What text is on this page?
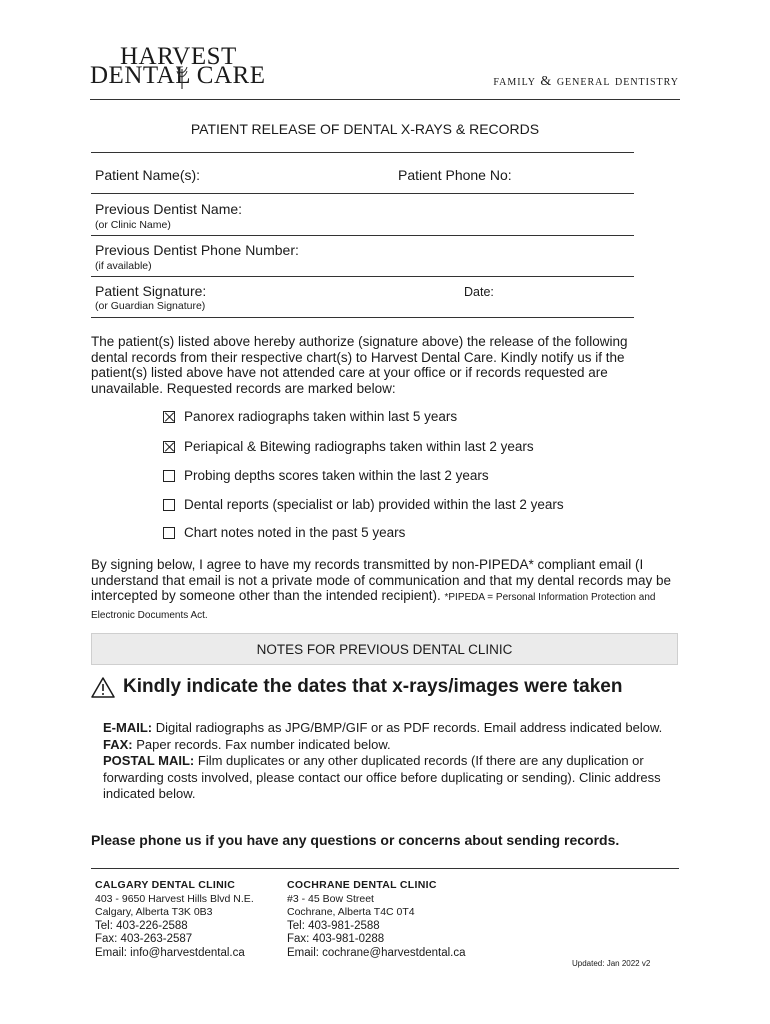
HARVEST
DENTAL CARE	family & general dentistry
PATIENT RELEASE OF DENTAL X-RAYS & RECORDS
Patient Name(s):	Patient Phone No:
Previous Dentist Name:
(or Clinic Name)
Previous Dentist Phone Number:
(if available)
Patient Signature:
(or Guardian Signature)
Date:
The patient(s) listed above hereby authorize (signature above) the release of the following dental records from their respective chart(s) to Harvest Dental Care. Kindly notify us if the patient(s) listed above have not attended care at your office or if records requested are unavailable. Requested records are marked below:
Panorex radiographs taken within last 5 years
Periapical & Bitewing radiographs taken within last 2 years
Probing depths scores taken within the last 2 years
Dental reports (specialist or lab) provided within the last 2 years
Chart notes noted in the past 5 years
By signing below, I agree to have my records transmitted by non-PIPEDA* compliant email (I understand that email is not a private mode of communication and that my dental records may be intercepted by someone other than the intended recipient). *PIPEDA = Personal Information Protection and Electronic Documents Act.
NOTES FOR PREVIOUS DENTAL CLINIC
Kindly indicate the dates that x-rays/images were taken
E-MAIL: Digital radiographs as JPG/BMP/GIF or as PDF records. Email address indicated below.
FAX: Paper records. Fax number indicated below.
POSTAL MAIL: Film duplicates or any other duplicated records (If there are any duplication or forwarding costs involved, please contact our office before duplicating or sending). Clinic address indicated below.
Please phone us if you have any questions or concerns about sending records.
CALGARY DENTAL CLINIC
403 - 9650 Harvest Hills Blvd N.E.
Calgary, Alberta T3K 0B3
Tel: 403-226-2588
Fax: 403-263-2587
Email: info@harvestdental.ca
COCHRANE DENTAL CLINIC
#3 - 45 Bow Street
Cochrane, Alberta T4C 0T4
Tel: 403-981-2588
Fax: 403-981-0288
Email: cochrane@harvestdental.ca
Updated: Jan 2022 v2
